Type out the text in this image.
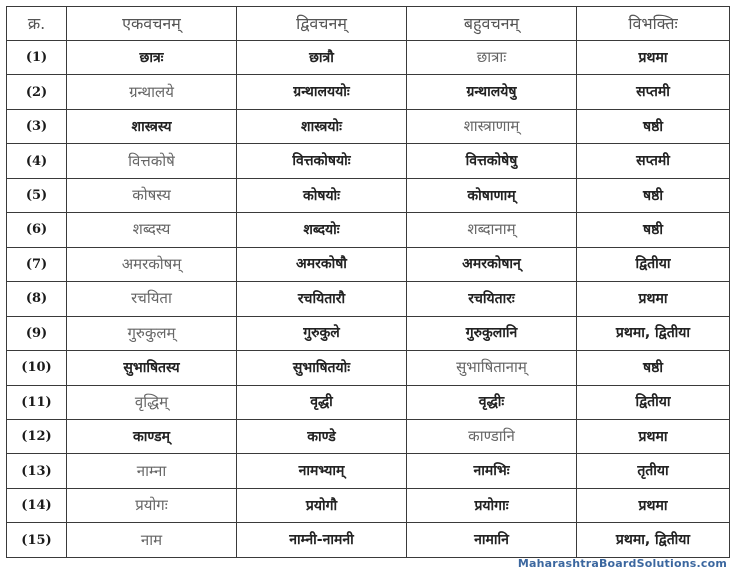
क्र.	एकवचनम्	द्विवचनम्	बहुवचनम्	विभक्तिः
(1)	छात्रः	छात्रौ	छात्राः	प्रथमा
(2)	ग्रन्थालये	ग्रन्थालययोः	ग्रन्थालयेषु	सप्तमी
(3)	शास्त्रस्य	शास्त्रयोः	शास्त्राणाम्	षष्ठी
(4)	वित्तकोषे	वित्तकोषयोः	वित्तकोषेषु	सप्तमी
(5)	कोषस्य	कोषयोः	कोषाणाम्	षष्ठी
(6)	शब्दस्य	शब्दयोः	शब्दानाम्	षष्ठी
(7)	अमरकोषम्	अमरकोषौ	अमरकोषान्	द्वितीया
(8)	रचयिता	रचयितारौ	रचयितारः	प्रथमा
(9)	गुरुकुलम्	गुरुकुले	गुरुकुलानि	प्रथमा, द्वितीया
(10)	सुभाषितस्य	सुभाषितयोः	सुभाषितानाम्	षष्ठी
(11)	वृद्धिम्	वृद्धी	वृद्धीः	द्वितीया
(12)	काण्डम्	काण्डे	काण्डानि	प्रथमा
(13)	नाम्ना	नामभ्याम्	नामभिः	तृतीया
(14)	प्रयोगः	प्रयोगौ	प्रयोगाः	प्रथमा
(15)	नाम	नाम्नी-नामनी	नामानि	प्रथमा, द्वितीया
MaharashtraBoardSolutions.com
